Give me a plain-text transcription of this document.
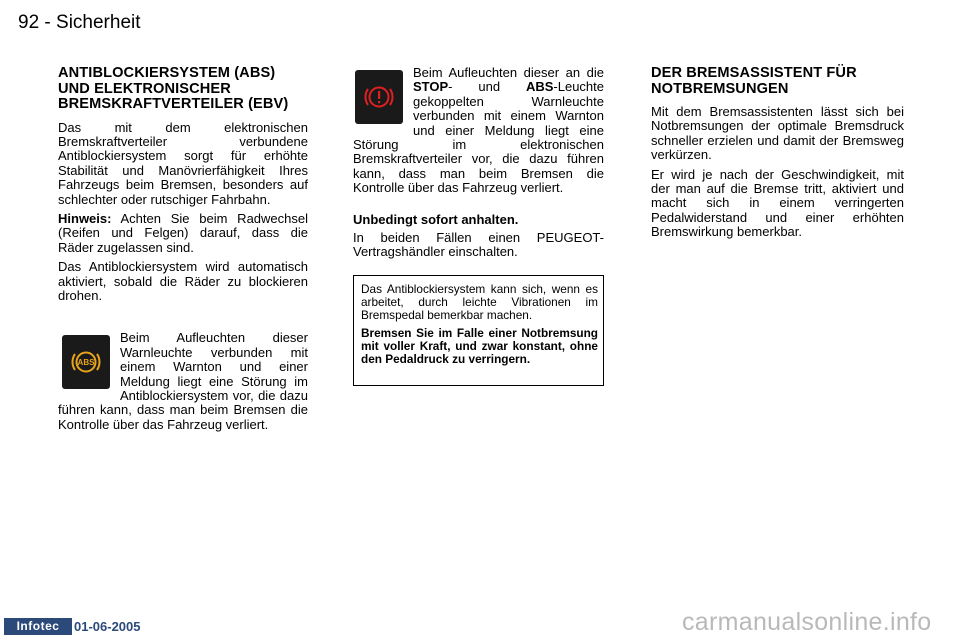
92 - Sicherheit
ANTIBLOCKIERSYSTEM (ABS) UND ELEKTRONISCHER BREMSKRAFTVERTEILER (EBV)

Das mit dem elektronischen Bremskraftverteiler verbundene Antiblockiersystem sorgt für erhöhte Stabilität und Manövrierfähigkeit Ihres Fahrzeugs beim Bremsen, besonders auf schlechter oder rutschiger Fahrbahn.

Hinweis: Achten Sie beim Radwechsel (Reifen und Felgen) darauf, dass die Räder zugelassen sind.

Das Antiblockiersystem wird automatisch aktiviert, sobald die Räder zu blockieren drohen.

ABS

Beim Aufleuchten dieser Warnleuchte verbunden mit einem Warnton und einer Meldung liegt eine Störung im Antiblockiersystem vor, die dazu führen kann, dass man beim Bremsen die Kontrolle über das Fahrzeug verliert.

Beim Aufleuchten dieser an die STOP- und ABS-Leuchte gekoppelten Warnleuchte verbunden mit einem Warnton und einer Meldung liegt eine Störung im elektronischen Bremskraftverteiler vor, die dazu führen kann, dass man beim Bremsen die Kontrolle über das Fahrzeug verliert.

Unbedingt sofort anhalten.

In beiden Fällen einen PEUGEOT-Vertragshändler einschalten.

Das Antiblockiersystem kann sich, wenn es arbeitet, durch leichte Vibrationen im Bremspedal bemerkbar machen.

Bremsen Sie im Falle einer Notbremsung mit voller Kraft, und zwar konstant, ohne den Pedaldruck zu verringern.

DER BREMSASSISTENT FÜR NOTBREMSUNGEN

Mit dem Bremsassistenten lässt sich bei Notbremsungen der optimale Bremsdruck schneller erzielen und damit der Bremsweg verkürzen.

Er wird je nach der Geschwindigkeit, mit der man auf die Bremse tritt, aktiviert und macht sich in einem verringerten Pedalwiderstand und einer erhöhten Bremswirkung bemerkbar.

Infotec	01-06-2005	carmanualsonline.info
